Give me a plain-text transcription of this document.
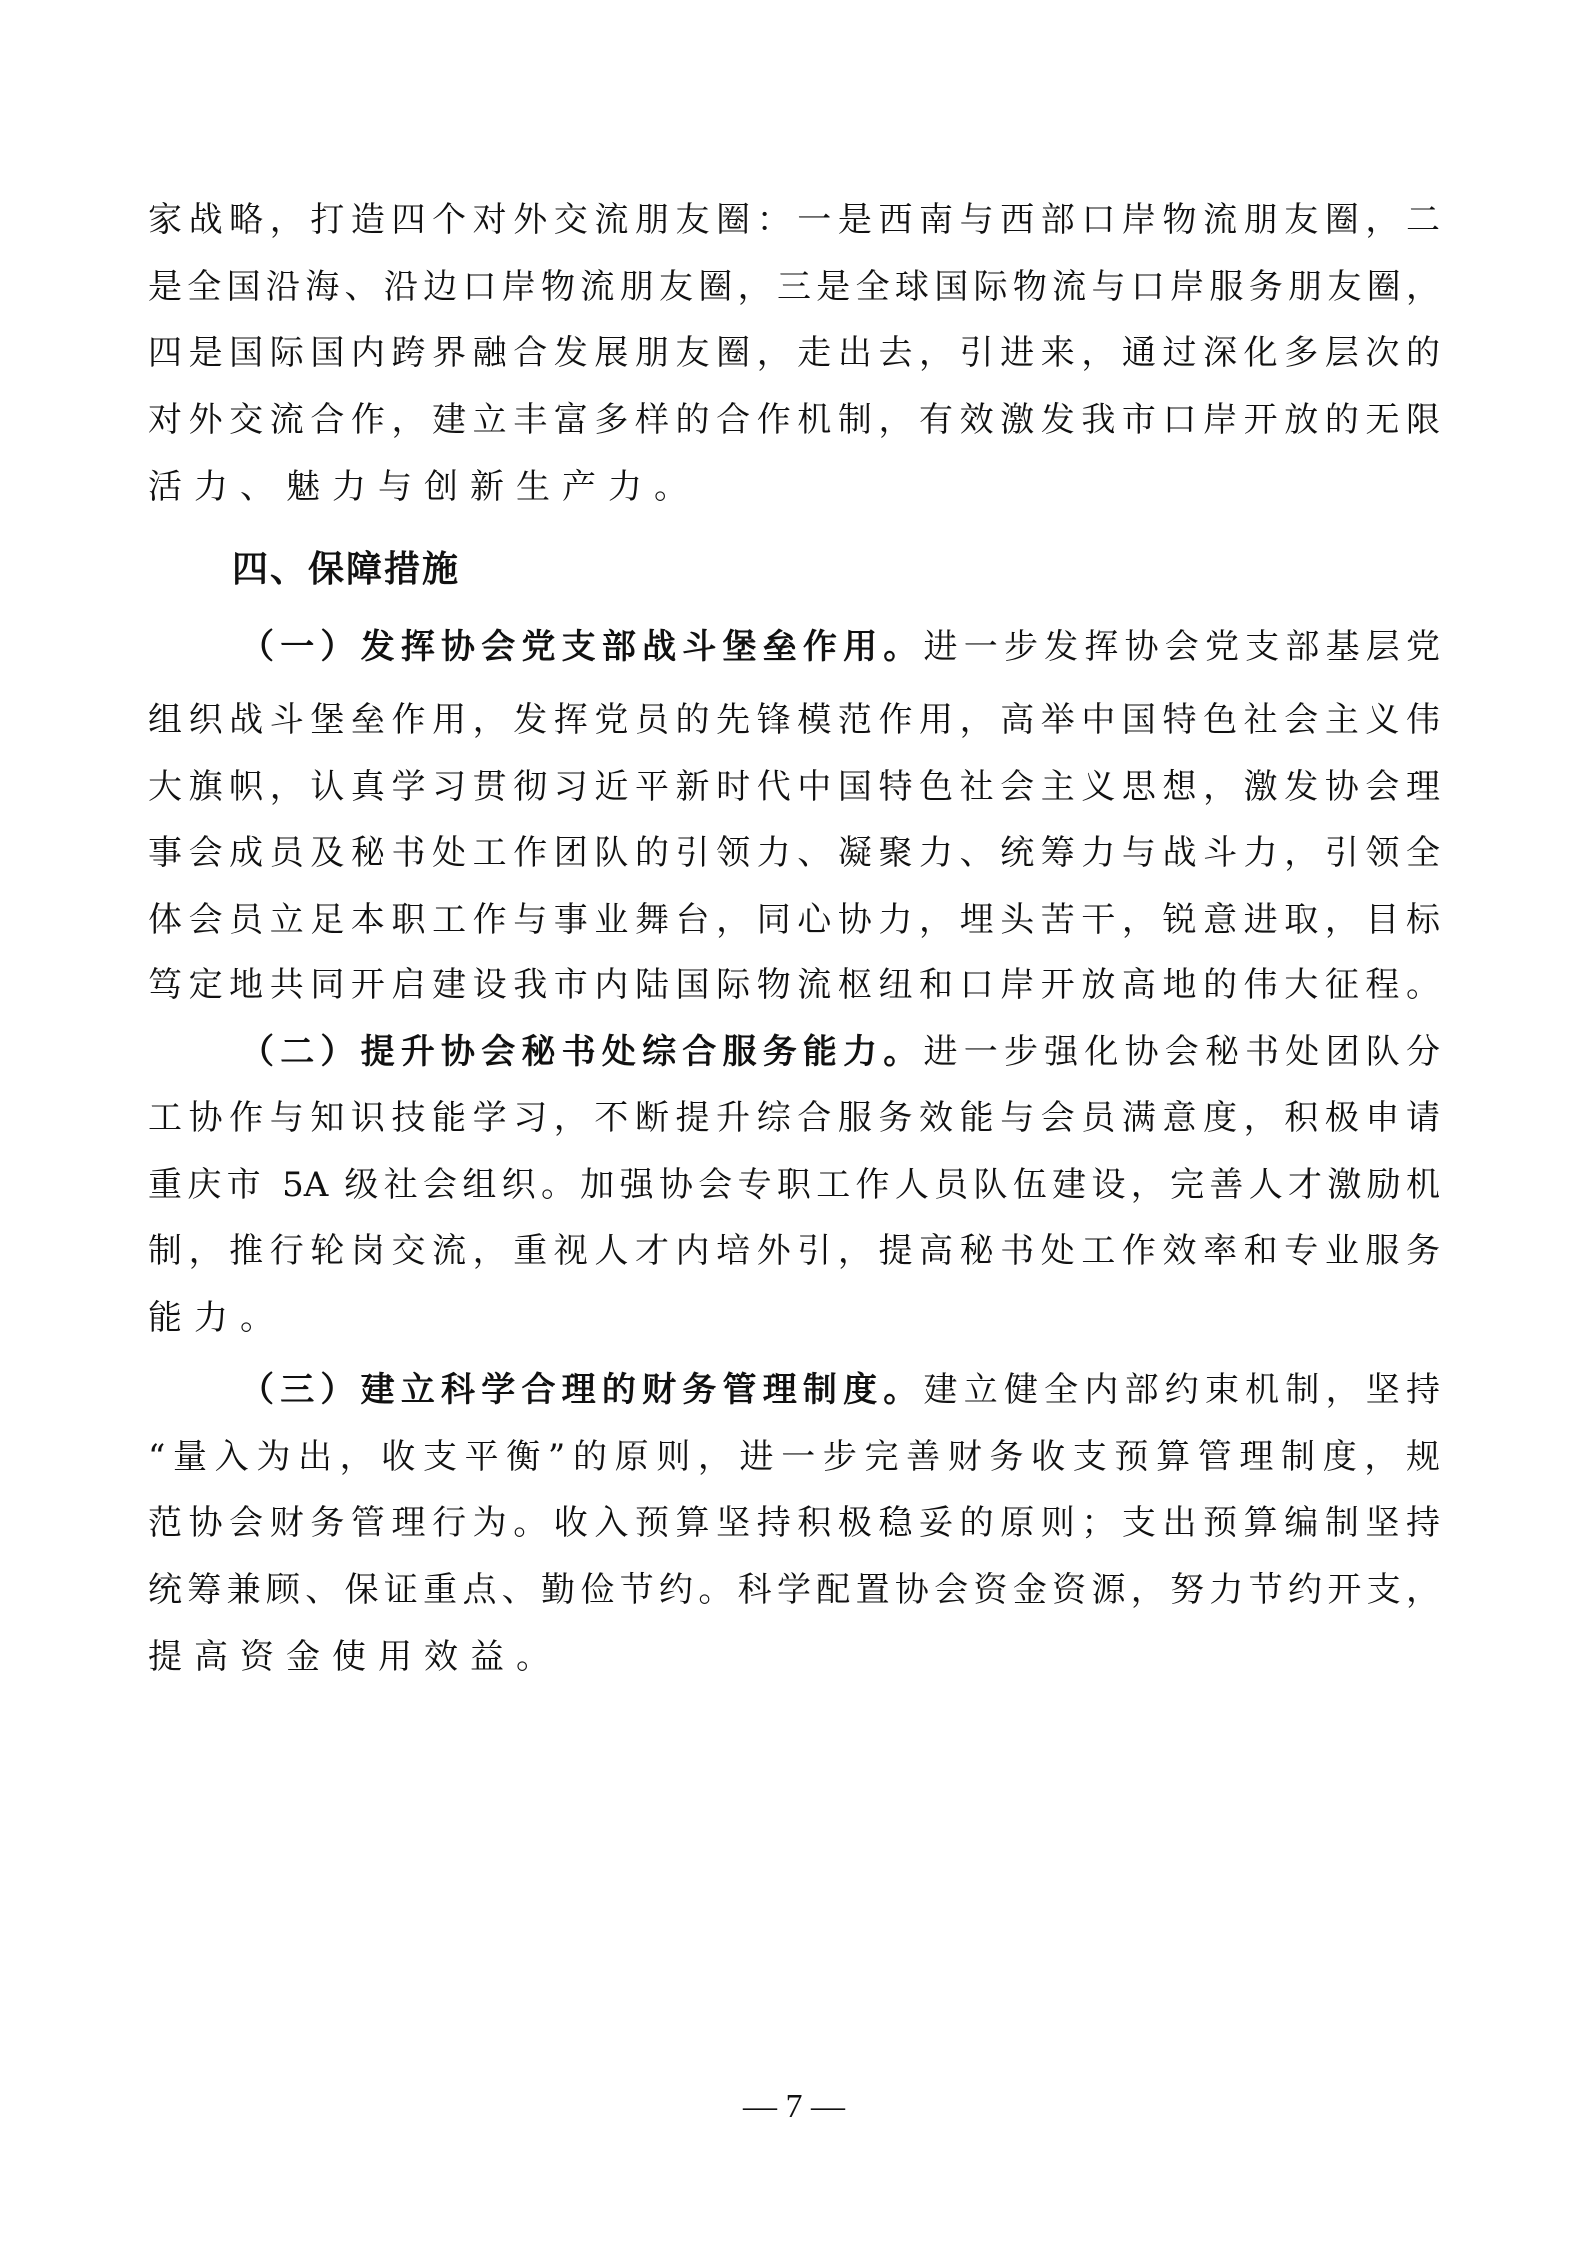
家战略，打造四个对外交流朋友圈：一是西南与西部口岸物流朋友圈，二
是全国沿海、沿边口岸物流朋友圈，三是全球国际物流与口岸服务朋友圈，
四是国际国内跨界融合发展朋友圈，走出去，引进来，通过深化多层次的
对外交流合作，建立丰富多样的合作机制，有效激发我市口岸开放的无限
活力、魅力与创新生产力。
四、保障措施
（一）发挥协会党支部战斗堡垒作用。进一步发挥协会党支部基层党
组织战斗堡垒作用，发挥党员的先锋模范作用，高举中国特色社会主义伟
大旗帜，认真学习贯彻习近平新时代中国特色社会主义思想，激发协会理
事会成员及秘书处工作团队的引领力、凝聚力、统筹力与战斗力，引领全
体会员立足本职工作与事业舞台，同心协力，埋头苦干，锐意进取，目标
笃定地共同开启建设我市内陆国际物流枢纽和口岸开放高地的伟大征程。
（二）提升协会秘书处综合服务能力。进一步强化协会秘书处团队分
工协作与知识技能学习，不断提升综合服务效能与会员满意度，积极申请
重庆市 5A 级社会组织。加强协会专职工作人员队伍建设，完善人才激励机
制，推行轮岗交流，重视人才内培外引，提高秘书处工作效率和专业服务
能力。
（三）建立科学合理的财务管理制度。建立健全内部约束机制，坚持
“量入为出，收支平衡”的原则，进一步完善财务收支预算管理制度，规
范协会财务管理行为。收入预算坚持积极稳妥的原则；支出预算编制坚持
统筹兼顾、保证重点、勤俭节约。科学配置协会资金资源，努力节约开支，
提高资金使用效益。
— 7 —
